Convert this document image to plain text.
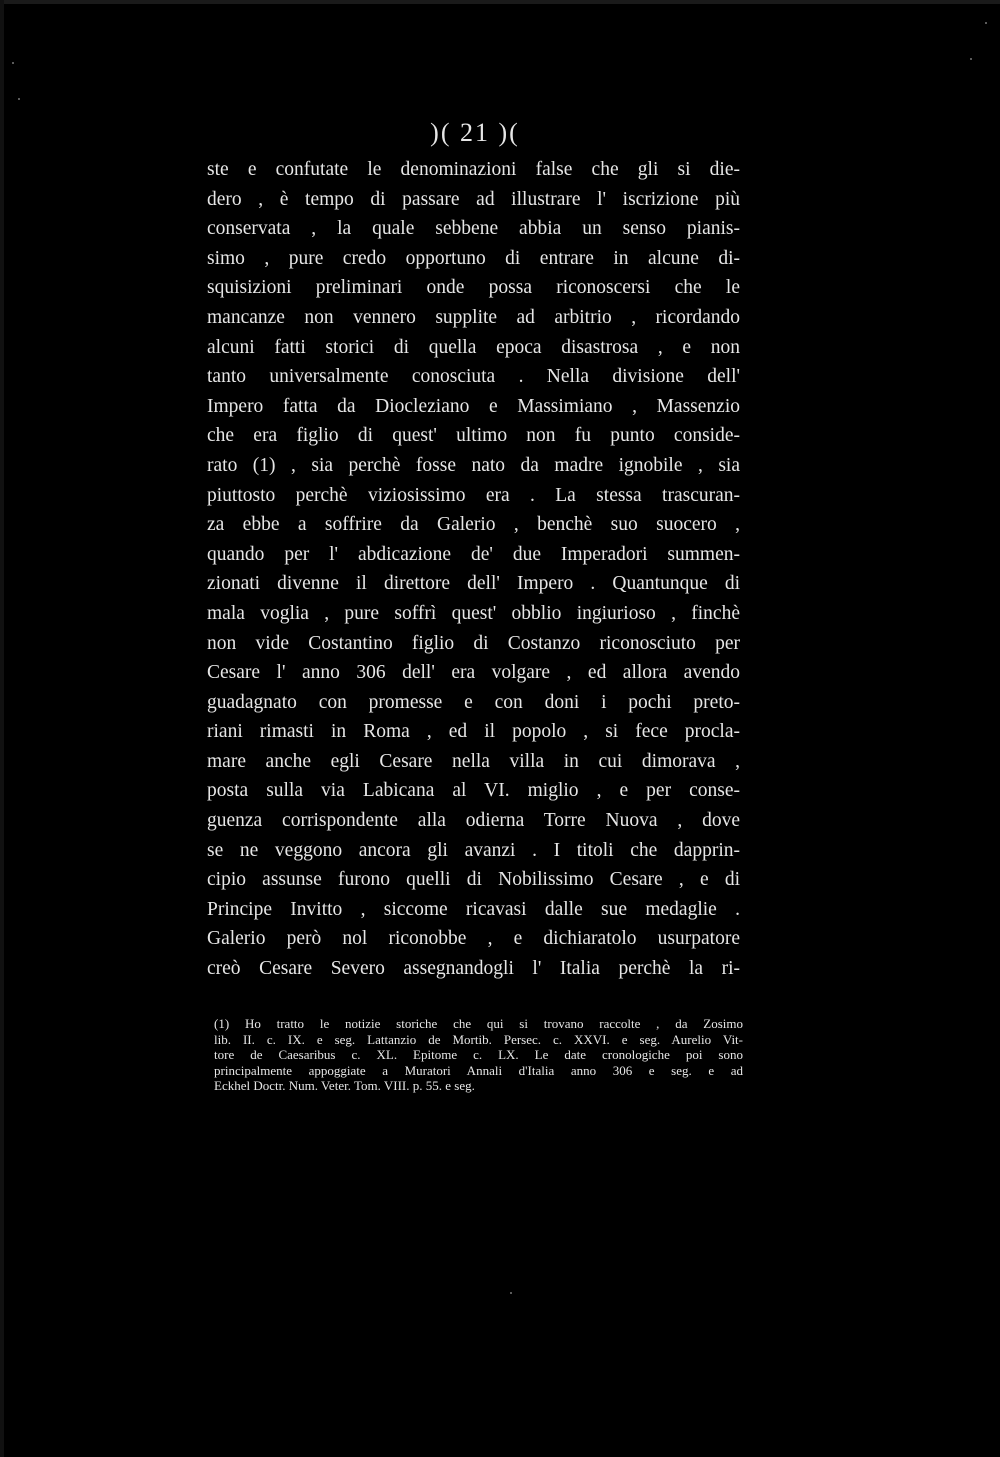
)( 21 )(
ste e confutate le denominazioni false che gli si die-
dero , è tempo di passare ad illustrare l' iscrizione più
conservata , la quale sebbene abbia un senso pianis-
simo , pure credo opportuno di entrare in alcune di-
squisizioni preliminari onde possa riconoscersi che le
mancanze non vennero supplite ad arbitrio , ricordando
alcuni fatti storici di quella epoca disastrosa , e non
tanto universalmente conosciuta . Nella divisione dell'
Impero fatta da Diocleziano e Massimiano , Massenzio
che era figlio di quest' ultimo non fu punto conside-
rato (1) , sia perchè fosse nato da madre ignobile , sia
piuttosto perchè viziosissimo era . La stessa trascuran-
za ebbe a soffrire da Galerio , benchè suo suocero ,
quando per l' abdicazione de' due Imperadori summen-
zionati divenne il direttore dell' Impero . Quantunque di
mala voglia , pure soffrì quest' obblio ingiurioso , finchè
non vide Costantino figlio di Costanzo riconosciuto per
Cesare l' anno 306 dell' era volgare , ed allora avendo
guadagnato con promesse e con doni i pochi preto-
riani rimasti in Roma , ed il popolo , si fece procla-
mare anche egli Cesare nella villa in cui dimorava ,
posta sulla via Labicana al VI. miglio , e per conse-
guenza corrispondente alla odierna Torre Nuova , dove
se ne veggono ancora gli avanzi . I titoli che dapprin-
cipio assunse furono quelli di Nobilissimo Cesare , e di
Principe Invitto , siccome ricavasi dalle sue medaglie .
Galerio però nol riconobbe , e dichiaratolo usurpatore
creò Cesare Severo assegnandogli l' Italia perchè la ri-
(1) Ho tratto le notizie storiche che qui si trovano raccolte , da Zosimo
lib. II. c. IX. e seg. Lattanzio de Mortib. Persec. c. XXVI. e seg. Aurelio Vit-
tore de Caesaribus c. XL. Epitome c. LX. Le date cronologiche poi sono
principalmente appoggiate a Muratori Annali d'Italia anno 306 e seg. e ad
Eckhel Doctr. Num. Veter. Tom. VIII. p. 55. e seg.
